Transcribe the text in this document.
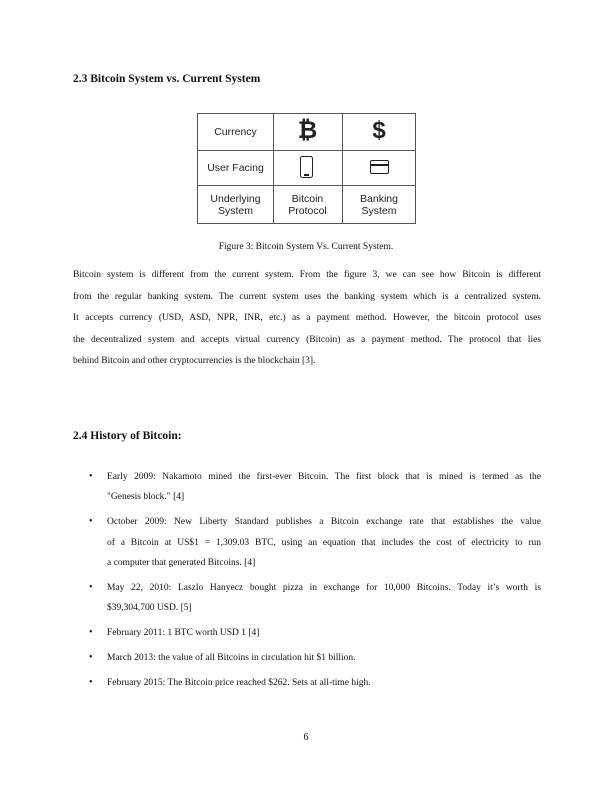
2.3 Bitcoin System vs. Current System
Currency
User Facing
Underlying
System
₿	$
Bitcoin
Protocol
Banking
System
Figure 3: Bitcoin System Vs. Current System.
Bitcoin system is different from the current system. From the figure 3, we can see how Bitcoin is different
from the regular banking system. The current system uses the banking system which is a centralized system.
It accepts currency (USD, ASD, NPR, INR, etc.) as a payment method. However, the bitcoin protocol uses
the decentralized system and accepts virtual currency (Bitcoin) as a payment method. The protocol that lies
behind Bitcoin and other cryptocurrencies is the blockchain [3].
2.4 History of Bitcoin:
• Early 2009: Nakamoto mined the first-ever Bitcoin. The first block that is mined is termed as the
"Genesis block." [4]
• October 2009: New Liberty Standard publishes a Bitcoin exchange rate that establishes the value
of a Bitcoin at US$1 = 1,309.03 BTC, using an equation that includes the cost of electricity to run
a computer that generated Bitcoins. [4]
• May 22, 2010: Laszlo Hanyecz bought pizza in exchange for 10,000 Bitcoins. Today it’s worth is
$39,304,700 USD. [5]
• February 2011: 1 BTC worth USD 1 [4]
• March 2013: the value of all Bitcoins in circulation hit $1 billion.
• February 2015: The Bitcoin price reached $262. Sets at all-time high.
6
